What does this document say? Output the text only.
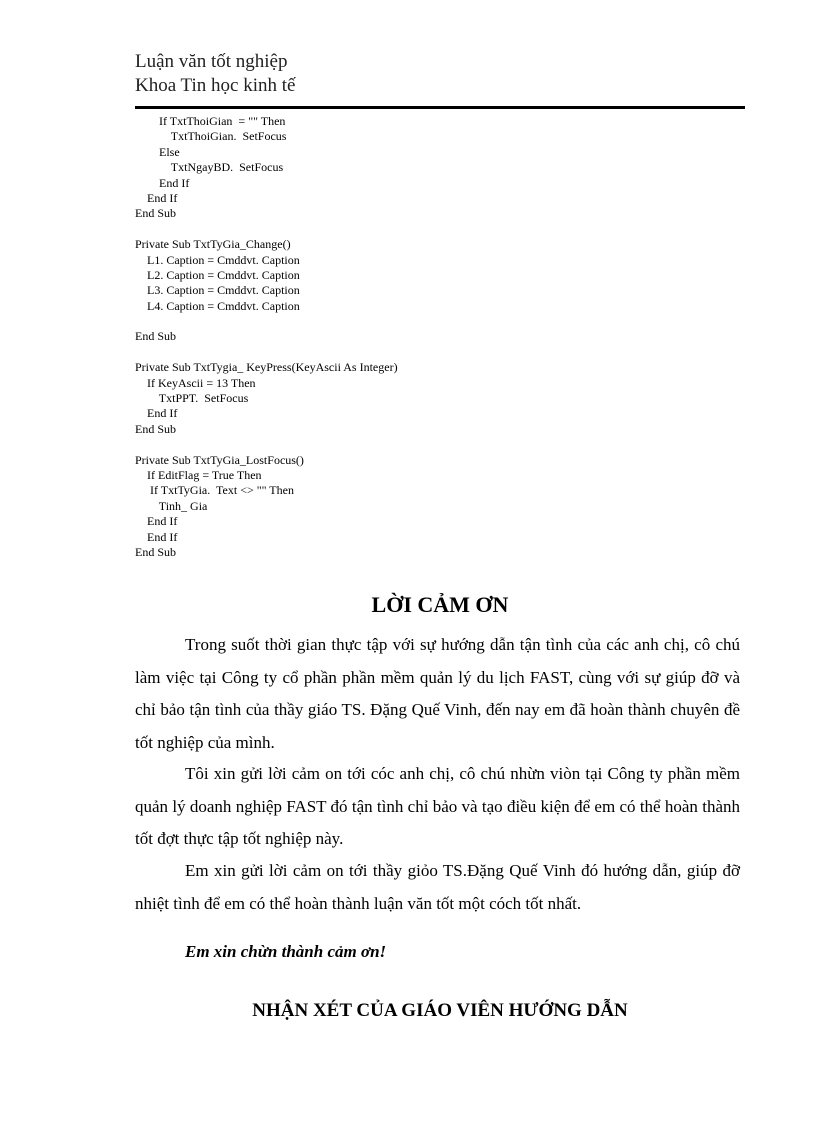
Luận văn tốt nghiệp
Khoa Tin học kinh tế
If TxtThoiGian  = "" Then
TxtThoiGian.  SetFocus
Else
TxtNgayBD.  SetFocus
End If
End If
End Sub
Private Sub TxtTyGia_Change()
L1. Caption = Cmddvt. Caption
L2. Caption = Cmddvt. Caption
L3. Caption = Cmddvt. Caption
L4. Caption = Cmddvt. Caption
End Sub
Private Sub TxtTygia_ KeyPress(KeyAscii As Integer)
If KeyAscii = 13 Then
TxtPPT.  SetFocus
End If
End Sub
Private Sub TxtTyGia_LostFocus()
If EditFlag = True Then
If TxtTyGia.  Text <> "" Then
Tinh_ Gia
End If
End If
End Sub
LỜI CẢM ƠN
Trong suốt thời gian thực tập với sự hướng dẫn tận tình của các anh chị, cô chú làm việc tại Công ty cổ phần phần mềm quản lý du lịch FAST, cùng với sự giúp đỡ và chỉ bảo tận tình của thầy giáo TS. Đặng Quế Vinh, đến nay em đã hoàn thành chuyên đề tốt nghiệp của mình.
Tôi xin gửi lời cảm on tới cóc anh chị, cô chú nhừn viòn tại Công ty phần mềm quản lý doanh nghiệp FAST đó tận tình chỉ bảo và tạo điều kiện để em có thể hoàn thành tốt đợt thực tập tốt nghiệp này.
Em xin gửi lời cảm on tới thầy giỏo TS.Đặng Quế Vinh đó hướng dẫn, giúp đỡ nhiệt tình để em có thể hoàn thành luận văn tốt một cóch tốt nhất.
Em xin chừn thành cảm ơn!
NHẬN XÉT CỦA GIÁO VIÊN HƯỚNG DẪN
